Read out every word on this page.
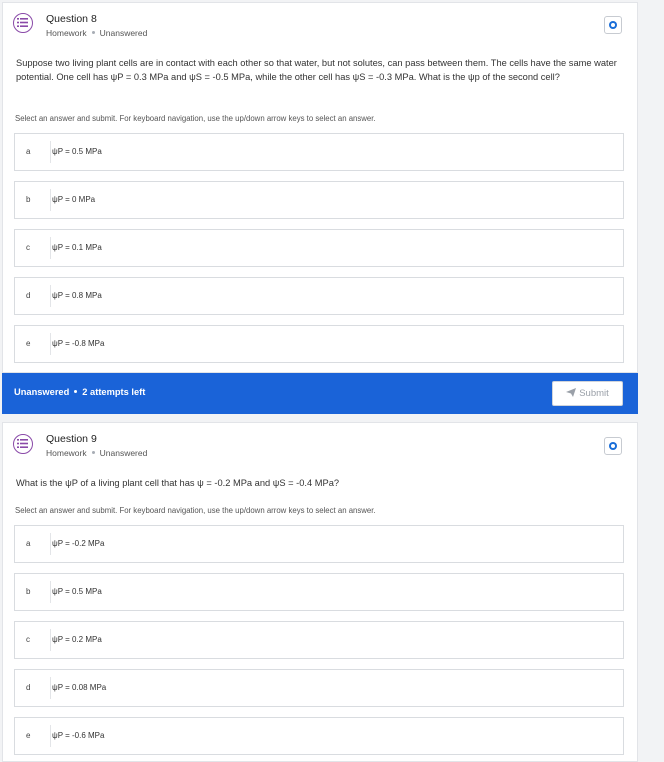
Question 8
Homework Unanswered
Suppose two living plant cells are in contact with each other so that water, but not solutes, can pass between them. The cells have the same water potential. One cell has ψP = 0.3 MPa and ψS = -0.5 MPa, while the other cell has ψS = -0.3 MPa. What is the ψp of the second cell?
Select an answer and submit. For keyboard navigation, use the up/down arrow keys to select an answer.
a	ψP = 0.5 MPa
b	ψP = 0 MPa
c	ψP = 0.1 MPa
d	ψP = 0.8 MPa
e	ψP = -0.8 MPa
Unanswered 2 attempts left	Submit
Question 9
Homework Unanswered
What is the ψP of a living plant cell that has ψ = -0.2 MPa and ψS = -0.4 MPa?
Select an answer and submit. For keyboard navigation, use the up/down arrow keys to select an answer.
a	ψP = -0.2 MPa
b	ψP = 0.5 MPa
c	ψP = 0.2 MPa
d	ψP = 0.08 MPa
e	ψP = -0.6 MPa
